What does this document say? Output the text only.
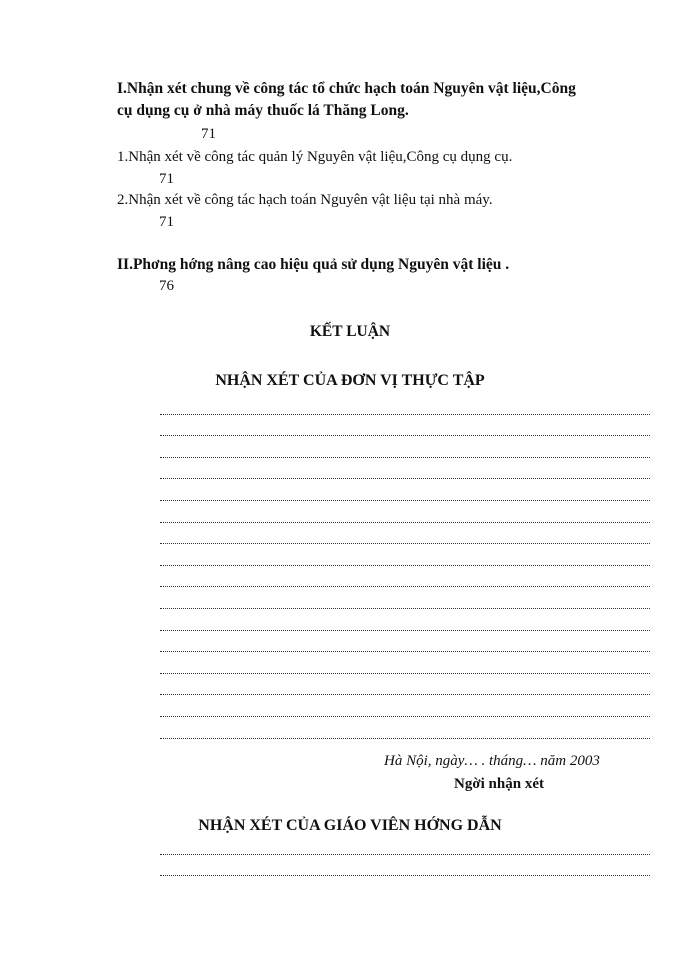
I.Nhận xét chung về công tác tổ chức hạch toán Nguyên vật liệu,Công
cụ dụng cụ ở nhà máy thuốc lá Thăng Long.
71
1.Nhận xét về công tác quản lý Nguyên vật liệu,Công cụ dụng cụ.
71
2.Nhận xét về công tác hạch toán Nguyên vật liệu tại nhà máy.
71
II.Phơng hớng nâng cao hiệu quả sử dụng Nguyên vật liệu .
76
KẾT LUẬN
NHẬN XÉT CỦA ĐƠN VỊ THỰC TẬP
Hà Nội, ngày… . tháng… năm 2003
Ngời nhận xét
NHẬN XÉT CỦA GIÁO VIÊN HỚNG DẪN
